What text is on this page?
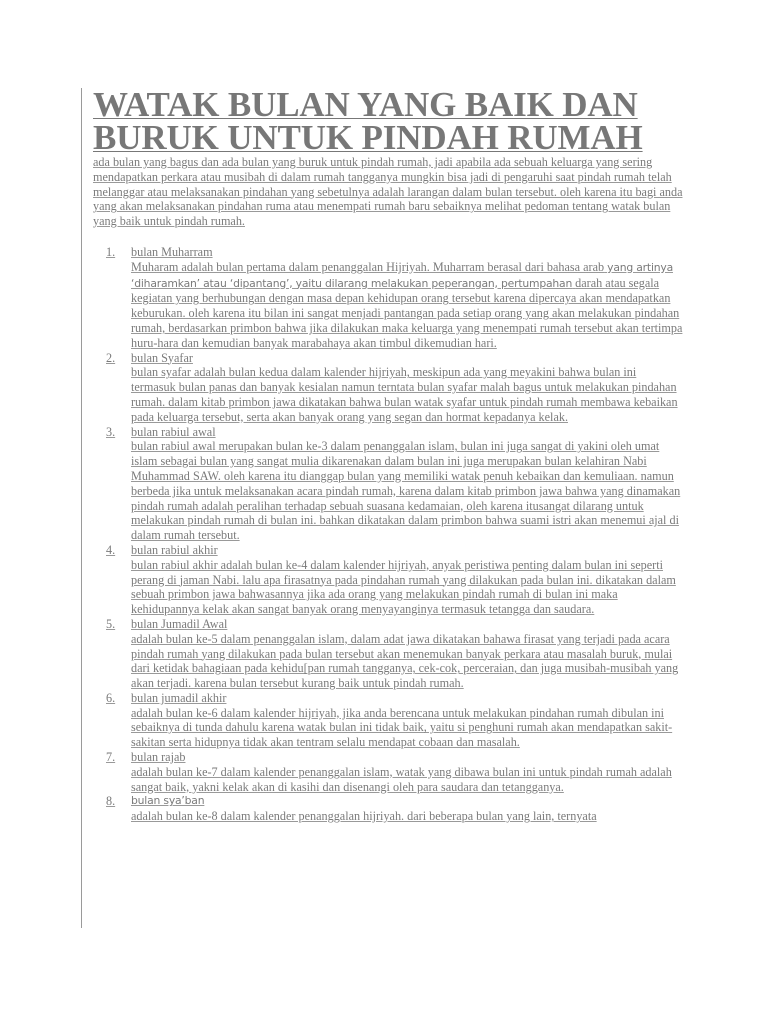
WATAK BULAN YANG BAIK DAN BURUK UNTUK PINDAH RUMAH

ada bulan yang bagus dan ada bulan yang buruk untuk pindah rumah, jadi apabila ada sebuah keluarga yang sering mendapatkan perkara atau musibah di dalam rumah tangganya mungkin bisa jadi di pengaruhi saat pindah rumah telah melanggar atau melaksanakan pindahan yang sebetulnya adalah larangan dalam bulan tersebut. oleh karena itu bagi anda yang akan melaksanakan pindahan ruma atau menempati rumah baru sebaiknya melihat pedoman tentang watak bulan yang baik untuk pindah rumah.

1. bulan Muharram
Muharam adalah bulan pertama dalam penanggalan Hijriyah. Muharram berasal dari bahasa arab yang artinya ‘diharamkan’ atau ‘dipantang’, yaitu dilarang melakukan peperangan, pertumpahan darah atau segala kegiatan yang berhubungan dengan masa depan kehidupan orang tersebut karena dipercaya akan mendapatkan keburukan. oleh karena itu bilan ini sangat menjadi pantangan pada setiap orang yang akan melakukan pindahan rumah, berdasarkan primbon bahwa jika dilakukan maka keluarga yang menempati rumah tersebut akan tertimpa huru-hara dan kemudian banyak marabahaya akan timbul dikemudian hari.
2. bulan Syafar
bulan syafar adalah bulan kedua dalam kalender hijriyah, meskipun ada yang meyakini bahwa bulan ini termasuk bulan panas dan banyak kesialan namun terntata bulan syafar malah bagus untuk melakukan pindahan rumah. dalam kitab primbon jawa dikatakan bahwa bulan watak syafar untuk pindah rumah membawa kebaikan pada keluarga tersebut, serta akan banyak orang yang segan dan hormat kepadanya kelak.
3. bulan rabiul awal
bulan rabiul awal merupakan bulan ke-3 dalam penanggalan islam, bulan ini juga sangat di yakini oleh umat islam sebagai bulan yang sangat mulia dikarenakan dalam bulan ini juga merupakan bulan kelahiran Nabi Muhammad SAW. oleh karena itu dianggap bulan yang memiliki watak penuh kebaikan dan kemuliaan. namun berbeda jika untuk melaksanakan acara pindah rumah, karena dalam kitab primbon jawa bahwa yang dinamakan pindah rumah adalah peralihan terhadap sebuah suasana kedamaian, oleh karena itusangat dilarang untuk melakukan pindah rumah di bulan ini. bahkan dikatakan dalam primbon bahwa suami istri akan menemui ajal di dalam rumah tersebut.
4. bulan rabiul akhir
bulan rabiul akhir adalah bulan ke-4 dalam kalender hijriyah, anyak peristiwa penting dalam bulan ini seperti perang di jaman Nabi. lalu apa firasatnya pada pindahan rumah yang dilakukan pada bulan ini. dikatakan dalam sebuah primbon jawa bahwasannya jika ada orang yang melakukan pindah rumah di bulan ini maka kehidupannya kelak akan sangat banyak orang menyayanginya termasuk tetangga dan saudara.
5. bulan Jumadil Awal
adalah bulan ke-5 dalam penanggalan islam, dalam adat jawa dikatakan bahawa firasat yang terjadi pada acara pindah rumah yang dilakukan pada bulan tersebut akan menemukan banyak perkara atau masalah buruk, mulai dari ketidak bahagiaan pada kehidu[pan rumah tangganya, cek-cok, perceraian, dan juga musibah-musibah yang akan terjadi. karena bulan tersebut kurang baik untuk pindah rumah.
6. bulan jumadil akhir
adalah bulan ke-6 dalam kalender hijriyah, jika anda berencana untuk melakukan pindahan rumah dibulan ini sebaiknya di tunda dahulu karena watak bulan ini tidak baik, yaitu si penghuni rumah akan mendapatkan sakit-sakitan serta hidupnya tidak akan tentram selalu mendapat cobaan dan masalah.
7. bulan rajab
adalah bulan ke-7 dalam kalender penanggalan islam, watak yang dibawa bulan ini untuk pindah rumah adalah sangat baik, yakni kelak akan di kasihi dan disenangi oleh para saudara dan tetangganya.
8. bulan sya’ban
adalah bulan ke-8 dalam kalender penanggalan hijriyah. dari beberapa bulan yang lain, ternyata
